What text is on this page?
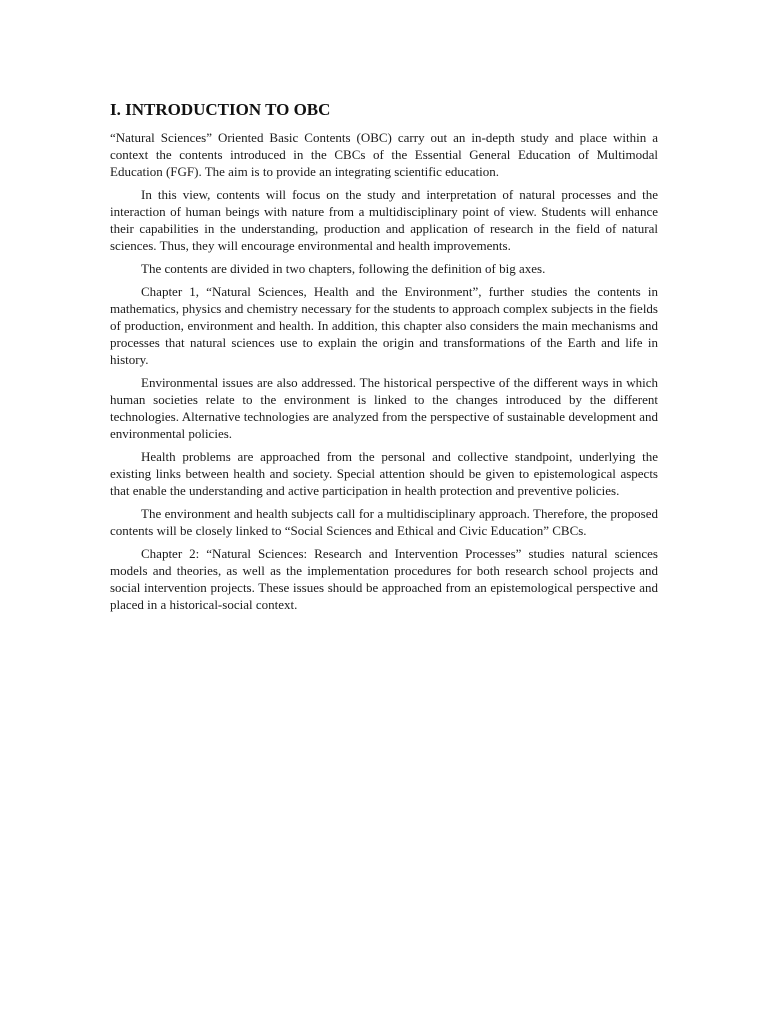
I. INTRODUCTION TO OBC

“Natural Sciences” Oriented Basic Contents (OBC) carry out an in-depth study and place within a context the contents introduced in the CBCs of the Essential General Education of Multimodal Education (FGF). The aim is to provide an integrating scientific education.

In this view, contents will focus on the study and interpretation of natural processes and the interaction of human beings with nature from a multidisciplinary point of view. Students will enhance their capabilities in the understanding, production and application of research in the field of natural sciences. Thus, they will encourage environmental and health improvements.

The contents are divided in two chapters, following the definition of big axes.

Chapter 1, “Natural Sciences, Health and the Environment”, further studies the contents in mathematics, physics and chemistry necessary for the students to approach complex subjects in the fields of production, environment and health. In addition, this chapter also considers the main mechanisms and processes that natural sciences use to explain the origin and transformations of the Earth and life in history.

Environmental issues are also addressed. The historical perspective of the different ways in which human societies relate to the environment is linked to the changes introduced by the different technologies. Alternative technologies are analyzed from the perspective of sustainable development and environmental policies.

Health problems are approached from the personal and collective standpoint, underlying the existing links between health and society. Special attention should be given to epistemological aspects that enable the understanding and active participation in health protection and preventive policies.

The environment and health subjects call for a multidisciplinary approach. Therefore, the proposed contents will be closely linked to “Social Sciences and Ethical and Civic Education” CBCs.

Chapter 2: “Natural Sciences: Research and Intervention Processes” studies natural sciences models and theories, as well as the implementation procedures for both research school projects and social intervention projects. These issues should be approached from an epistemological perspective and placed in a historical-social context.
